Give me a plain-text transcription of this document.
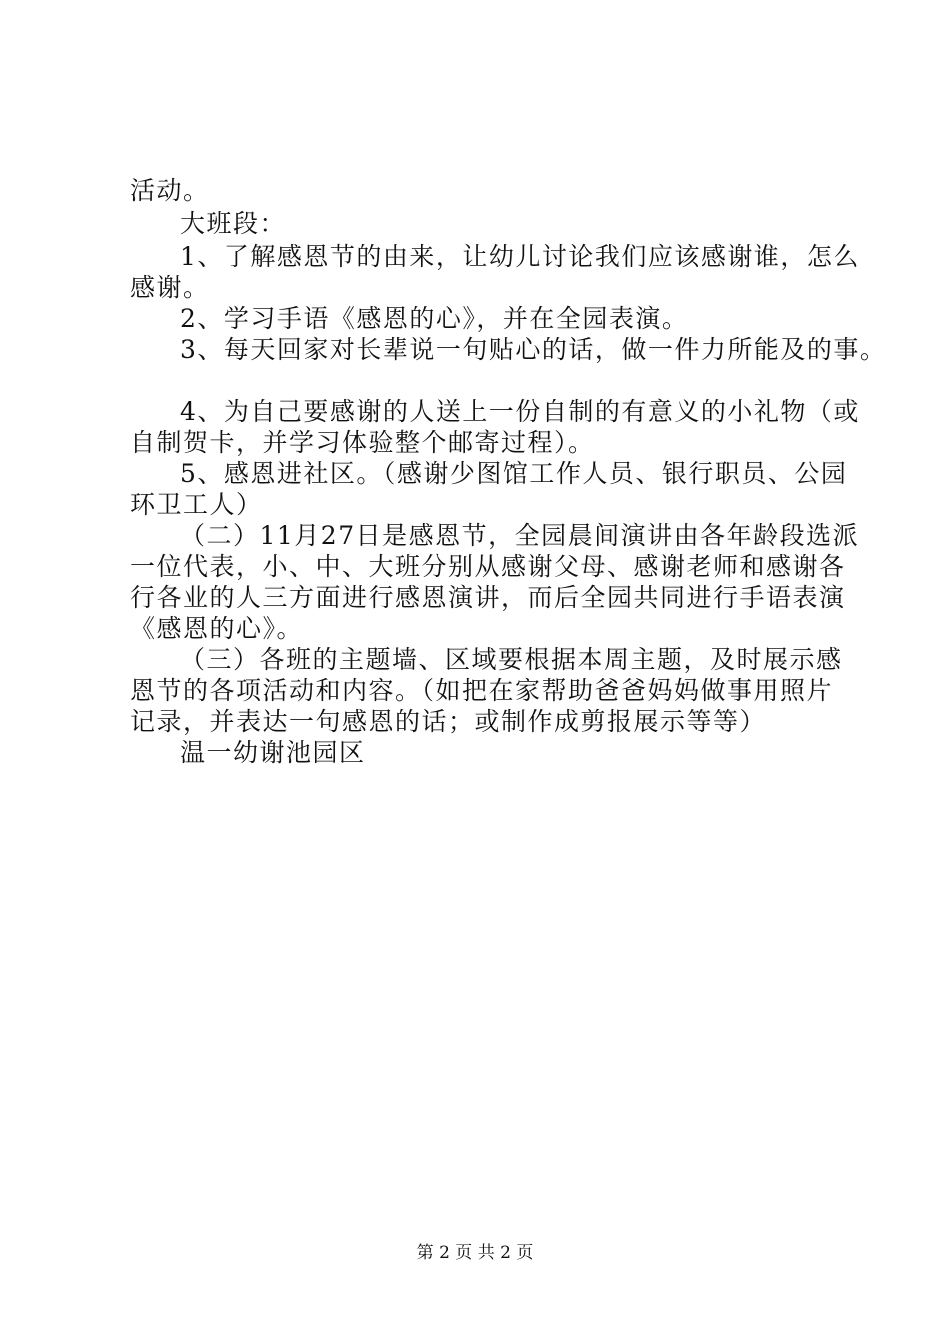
活动。
大班段：
1、了解感恩节的由来，让幼儿讨论我们应该感谢谁，怎么
感谢。
2、学习手语《感恩的心》，并在全园表演。
3、每天回家对长辈说一句贴心的话，做一件力所能及的事。
4、为自己要感谢的人送上一份自制的有意义的小礼物（或
自制贺卡，并学习体验整个邮寄过程）。
5、感恩进社区。（感谢少图馆工作人员、银行职员、公园
环卫工人）
（二）11月27日是感恩节，全园晨间演讲由各年龄段选派
一位代表，小、中、大班分别从感谢父母、感谢老师和感谢各
行各业的人三方面进行感恩演讲，而后全园共同进行手语表演
《感恩的心》。
（三）各班的主题墙、区域要根据本周主题，及时展示感
恩节的各项活动和内容。（如把在家帮助爸爸妈妈做事用照片
记录，并表达一句感恩的话；或制作成剪报展示等等）
温一幼谢池园区
第 2 页 共 2 页
